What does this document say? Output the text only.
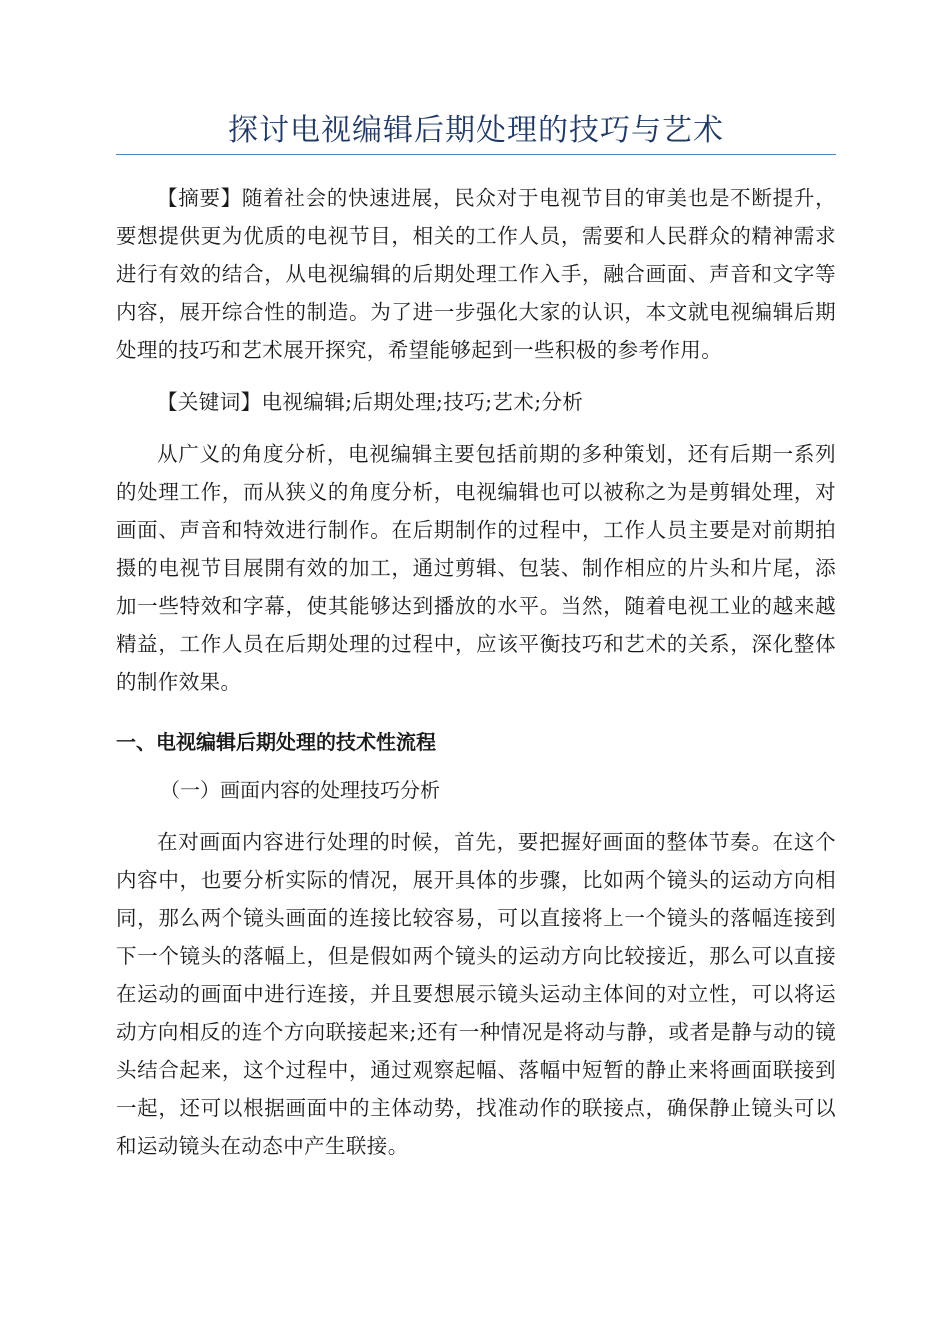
探讨电视编辑后期处理的技巧与艺术

【摘要】随着社会的快速进展，民众对于电视节目的审美也是不断提升，要想提供更为优质的电视节目，相关的工作人员，需要和人民群众的精神需求进行有效的结合，从电视编辑的后期处理工作入手，融合画面、声音和文字等内容，展开综合性的制造。为了进一步强化大家的认识，本文就电视编辑后期处理的技巧和艺术展开探究，希望能够起到一些积极的参考作用。

【关键词】电视编辑;后期处理;技巧;艺术;分析

从广义的角度分析，电视编辑主要包括前期的多种策划，还有后期一系列的处理工作，而从狭义的角度分析，电视编辑也可以被称之为是剪辑处理，对画面、声音和特效进行制作。在后期制作的过程中，工作人员主要是对前期拍摄的电视节目展開有效的加工，通过剪辑、包装、制作相应的片头和片尾，添加一些特效和字幕，使其能够达到播放的水平。当然，随着电视工业的越来越精益，工作人员在后期处理的过程中，应该平衡技巧和艺术的关系，深化整体的制作效果。

一、电视编辑后期处理的技术性流程
（一）画面内容的处理技巧分析

在对画面内容进行处理的时候，首先，要把握好画面的整体节奏。在这个内容中，也要分析实际的情况，展开具体的步骤，比如两个镜头的运动方向相同，那么两个镜头画面的连接比较容易，可以直接将上一个镜头的落幅连接到下一个镜头的落幅上，但是假如两个镜头的运动方向比较接近，那么可以直接在运动的画面中进行连接，并且要想展示镜头运动主体间的对立性，可以将运动方向相反的连个方向联接起来;还有一种情况是将动与静，或者是静与动的镜头结合起来，这个过程中，通过观察起幅、落幅中短暂的静止来将画面联接到一起，还可以根据画面中的主体动势，找准动作的联接点，确保静止镜头可以和运动镜头在动态中产生联接。
